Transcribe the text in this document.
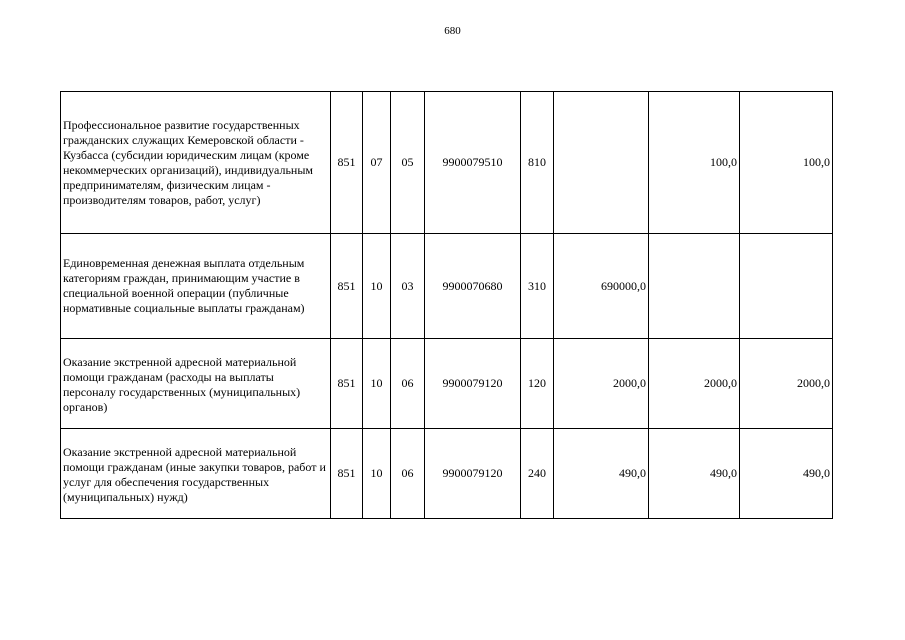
680
Профессиональное развитие государственных гражданских служащих Кемеровской области - Кузбасса (субсидии юридическим лицам (кроме некоммерческих организаций), индивидуальным предпринимателям, физическим лицам - производителям товаров, работ, услуг)	851	07	05	9900079510	810		100,0	100,0
Единовременная денежная выплата отдельным категориям граждан, принимающим участие в специальной военной операции (публичные нормативные социальные выплаты гражданам)	851	10	03	9900070680	310	690000,0		
Оказание экстренной адресной материальной помощи гражданам (расходы на выплаты персоналу государственных (муниципальных) органов)	851	10	06	9900079120	120	2000,0	2000,0	2000,0
Оказание экстренной адресной материальной помощи гражданам (иные закупки товаров, работ и услуг для обеспечения государственных (муниципальных) нужд)	851	10	06	9900079120	240	490,0	490,0	490,0
